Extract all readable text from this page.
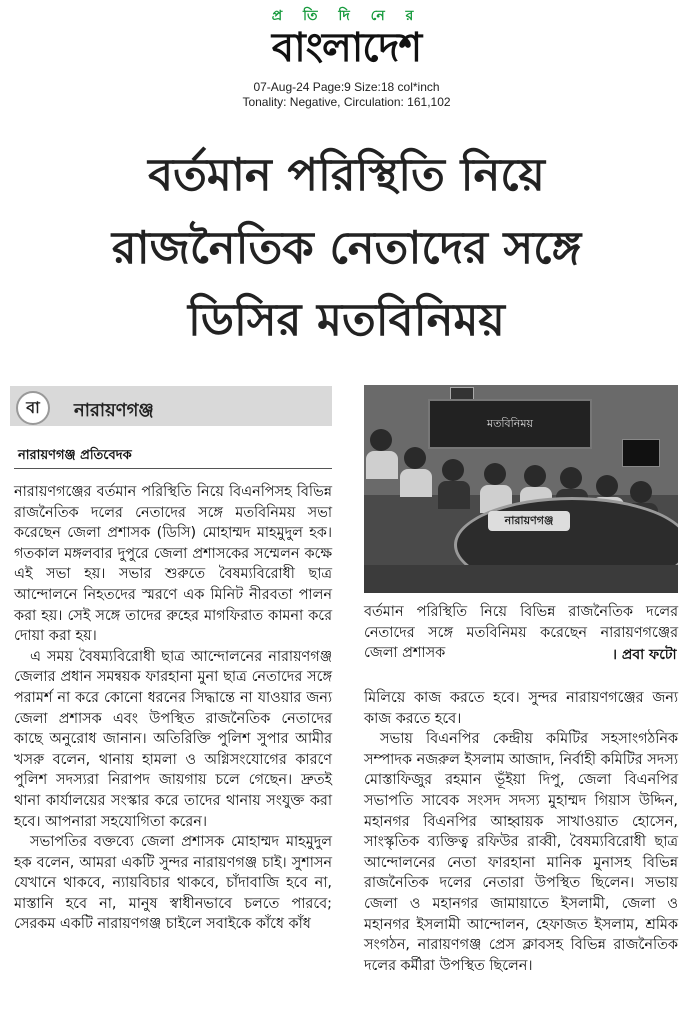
প্র তি দি নে র
বাংলাদেশ
07-Aug-24 Page:9 Size:18 col*inch
Tonality: Negative, Circulation: 161,102
বর্তমান পরিস্থিতি নিয়ে
রাজনৈতিক নেতাদের সঙ্গে
ডিসির মতবিনিময়
বা	নারায়ণগঞ্জ
নারায়ণগঞ্জ প্রতিবেদক

নারায়ণগঞ্জের বর্তমান পরিস্থিতি নিয়ে বিএনপিসহ বিভিন্ন রাজনৈতিক দলের নেতাদের সঙ্গে মতবিনিময় সভা করেছেন জেলা প্রশাসক (ডিসি) মোহাম্মদ মাহমুদুল হক। গতকাল মঙ্গলবার দুপুরে জেলা প্রশাসকের সম্মেলন কক্ষে এই সভা হয়। সভার শুরুতে বৈষম্যবিরোধী ছাত্র আন্দোলনে নিহতদের স্মরণে এক মিনিট নীরবতা পালন করা হয়। সেই সঙ্গে তাদের রুহের মাগফিরাত কামনা করে দোয়া করা হয়।

এ সময় বৈষম্যবিরোধী ছাত্র আন্দোলনের নারায়ণগঞ্জ জেলার প্রধান সমন্বয়ক ফারহানা মুনা ছাত্র নেতাদের সঙ্গে পরামর্শ না করে কোনো ধরনের সিদ্ধান্তে না যাওয়ার জন্য জেলা প্রশাসক এবং উপস্থিত রাজনৈতিক নেতাদের কাছে অনুরোধ জানান। অতিরিক্তি পুলিশ সুপার আমীর খসরু বলেন, থানায় হামলা ও অগ্নিসংযোগের কারণে পুলিশ সদস্যরা নিরাপদ জায়গায় চলে গেছেন। দ্রুতই থানা কার্যালয়ের সংস্কার করে তাদের থানায় সংযুক্ত করা হবে। আপনারা সহযোগিতা করেন।

সভাপতির বক্তব্যে জেলা প্রশাসক মোহাম্মদ মাহমুদুল হক বলেন, আমরা একটি সুন্দর নারায়ণগঞ্জ চাই। সুশাসন যেখানে থাকবে, ন্যায়বিচার থাকবে, চাঁদাবাজি হবে না, মাস্তানি হবে না, মানুষ স্বাধীনভাবে চলতে পারবে; সেরকম একটি নারায়ণগঞ্জ চাইলে সবাইকে কাঁধে কাঁধ

মতবিনিময়
নারায়ণগঞ্জ
বর্তমান পরিস্থিতি নিয়ে বিভিন্ন রাজনৈতিক দলের নেতাদের সঙ্গে মতবিনিময় করেছেন নারায়ণগঞ্জের জেলা প্রশাসক	। প্রবা ফটো

মিলিয়ে কাজ করতে হবে। সুন্দর নারায়ণগঞ্জের জন্য কাজ করতে হবে।

সভায় বিএনপির কেন্দ্রীয় কমিটির সহসাংগঠনিক সম্পাদক নজরুল ইসলাম আজাদ, নির্বাহী কমিটির সদস্য মোস্তাফিজুর রহমান ভূঁইয়া দিপু, জেলা বিএনপির সভাপতি সাবেক সংসদ সদস্য মুহাম্মদ গিয়াস উদ্দিন, মহানগর বিএনপির আহ্বায়ক সাখাওয়াত হোসেন, সাংস্কৃতিক ব্যক্তিত্ব রফিউর রাব্বী, বৈষম্যবিরোধী ছাত্র আন্দোলনের নেতা ফারহানা মানিক মুনাসহ বিভিন্ন রাজনৈতিক দলের নেতারা উপস্থিত ছিলেন। সভায় জেলা ও মহানগর জামায়াতে ইসলামী, জেলা ও মহানগর ইসলামী আন্দোলন, হেফাজত ইসলাম, শ্রমিক সংগঠন, নারায়ণগঞ্জ প্রেস ক্লাবসহ বিভিন্ন রাজনৈতিক দলের কর্মীরা উপস্থিত ছিলেন।
